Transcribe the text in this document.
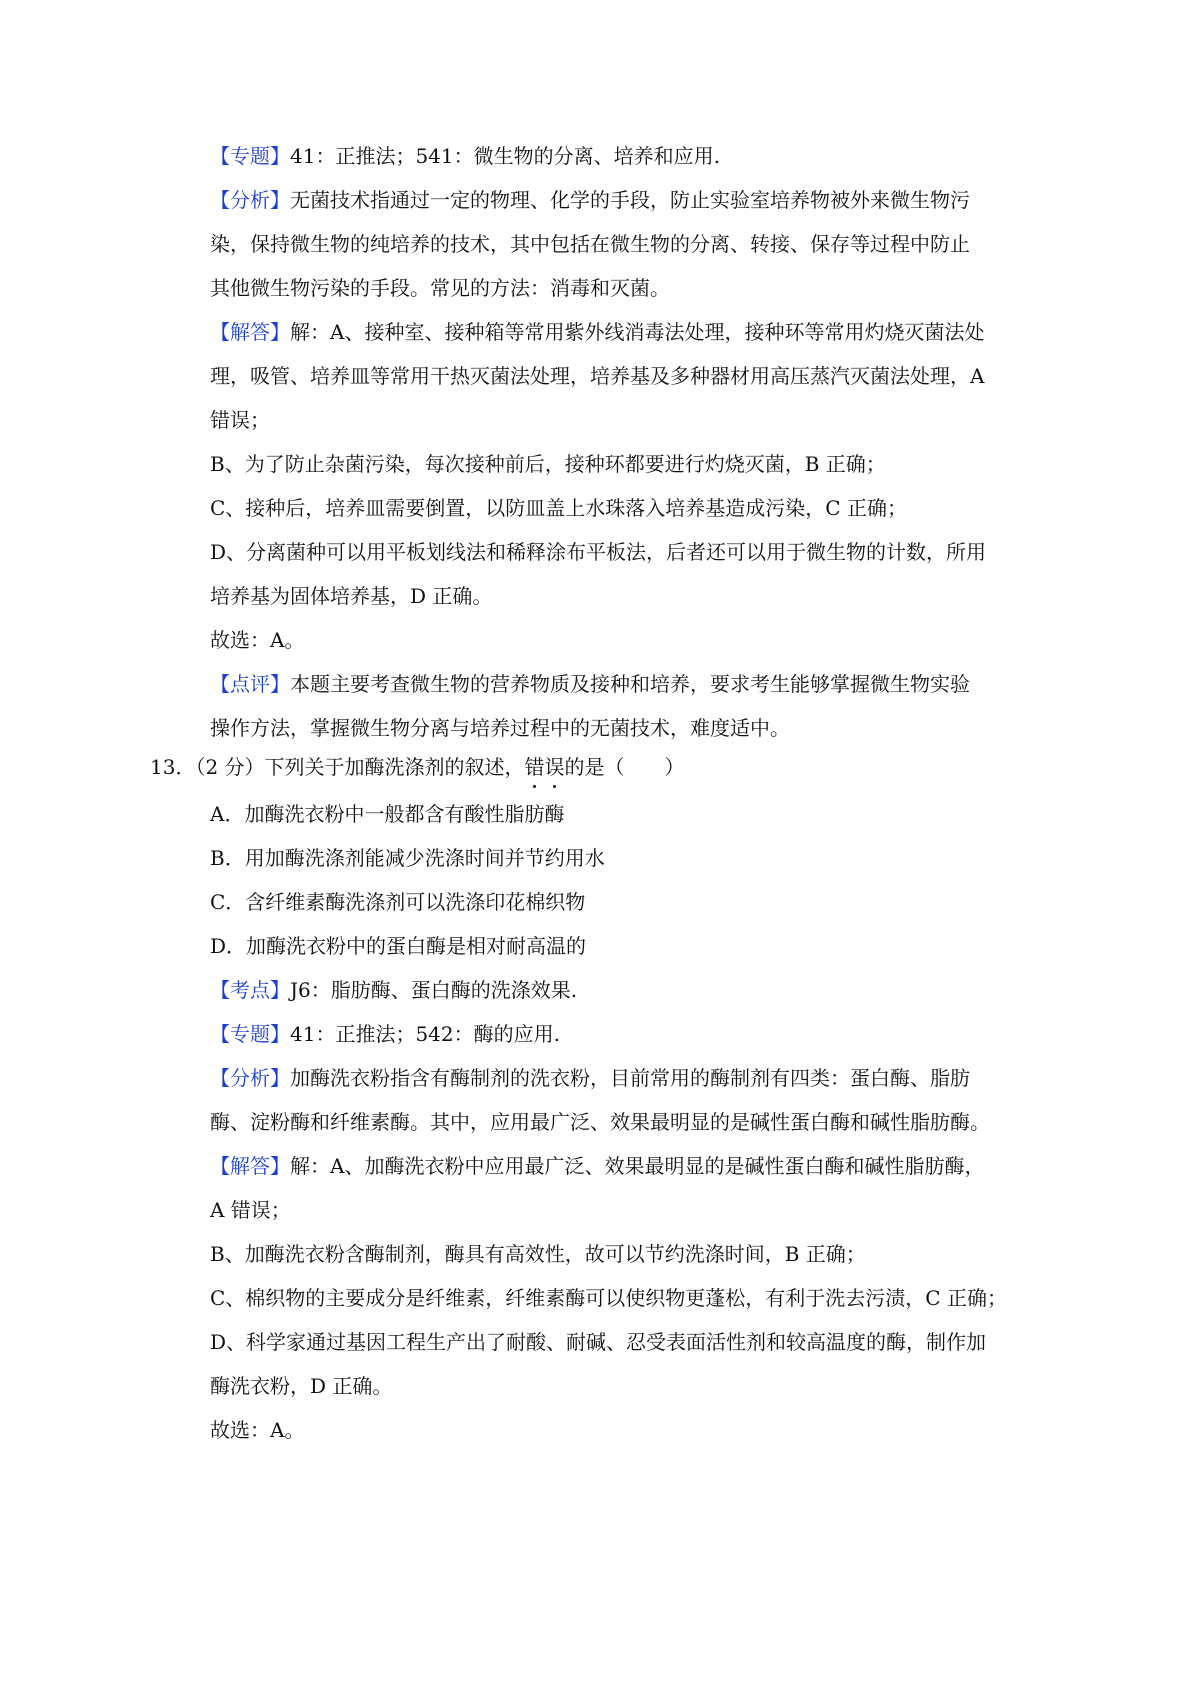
【专题】41：正推法；541：微生物的分离、培养和应用.
【分析】无菌技术指通过一定的物理、化学的手段，防止实验室培养物被外来微生物污
染，保持微生物的纯培养的技术，其中包括在微生物的分离、转接、保存等过程中防止
其他微生物污染的手段。常见的方法：消毒和灭菌。
【解答】解：A、接种室、接种箱等常用紫外线消毒法处理，接种环等常用灼烧灭菌法处
理，吸管、培养皿等常用干热灭菌法处理，培养基及多种器材用高压蒸汽灭菌法处理，A
错误；
B、为了防止杂菌污染，每次接种前后，接种环都要进行灼烧灭菌，B 正确；
C、接种后，培养皿需要倒置，以防皿盖上水珠落入培养基造成污染，C 正确；
D、分离菌种可以用平板划线法和稀释涂布平板法，后者还可以用于微生物的计数，所用
培养基为固体培养基，D 正确。
故选：A。
【点评】本题主要考查微生物的营养物质及接种和培养，要求考生能够掌握微生物实验
操作方法，掌握微生物分离与培养过程中的无菌技术，难度适中。
13．（2 分）下列关于加酶洗涤剂的叙述，错误的是（　　）
A．加酶洗衣粉中一般都含有酸性脂肪酶
B．用加酶洗涤剂能减少洗涤时间并节约用水
C．含纤维素酶洗涤剂可以洗涤印花棉织物
D．加酶洗衣粉中的蛋白酶是相对耐高温的
【考点】J6：脂肪酶、蛋白酶的洗涤效果.
【专题】41：正推法；542：酶的应用.
【分析】加酶洗衣粉指含有酶制剂的洗衣粉，目前常用的酶制剂有四类：蛋白酶、脂肪
酶、淀粉酶和纤维素酶。其中，应用最广泛、效果最明显的是碱性蛋白酶和碱性脂肪酶。
【解答】解：A、加酶洗衣粉中应用最广泛、效果最明显的是碱性蛋白酶和碱性脂肪酶，
A 错误；
B、加酶洗衣粉含酶制剂，酶具有高效性，故可以节约洗涤时间，B 正确；
C、棉织物的主要成分是纤维素，纤维素酶可以使织物更蓬松，有利于洗去污渍，C 正确；
D、科学家通过基因工程生产出了耐酸、耐碱、忍受表面活性剂和较高温度的酶，制作加
酶洗衣粉，D 正确。
故选：A。
